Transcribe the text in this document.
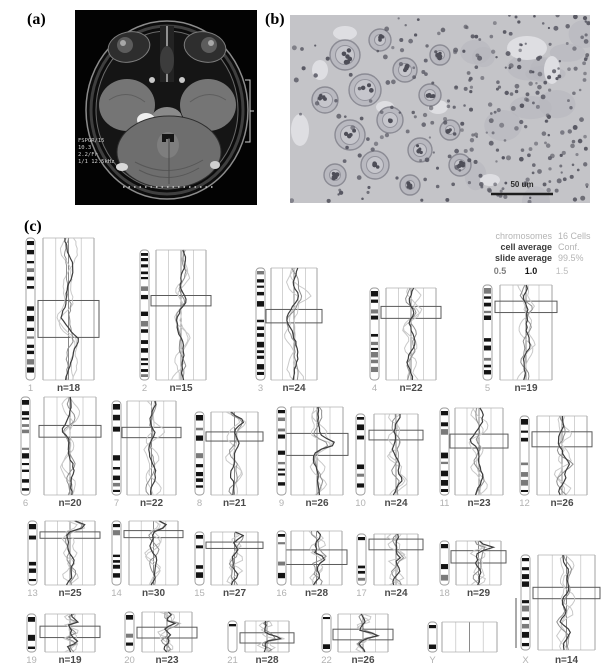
(a)	(b)
(c)
FSPGR/15
10.3
2.2/Fr
1/1 12.5kHz
50 um
1	n=18	2	n=15	3	n=24	4	n=22	5	n=19
6	n=20	7	n=22	8	n=21	9	n=26	10	n=24	11	n=23	12	n=26
13	n=25	14	n=30	15	n=27	16	n=28	17	n=24	18	n=29
19	n=19	20	n=23	21	n=28	22	n=26	Y	X	n=14
chromosomes 16 Cells
cell average Conf.
slide average 99.5%
0.5 1.0 1.5
